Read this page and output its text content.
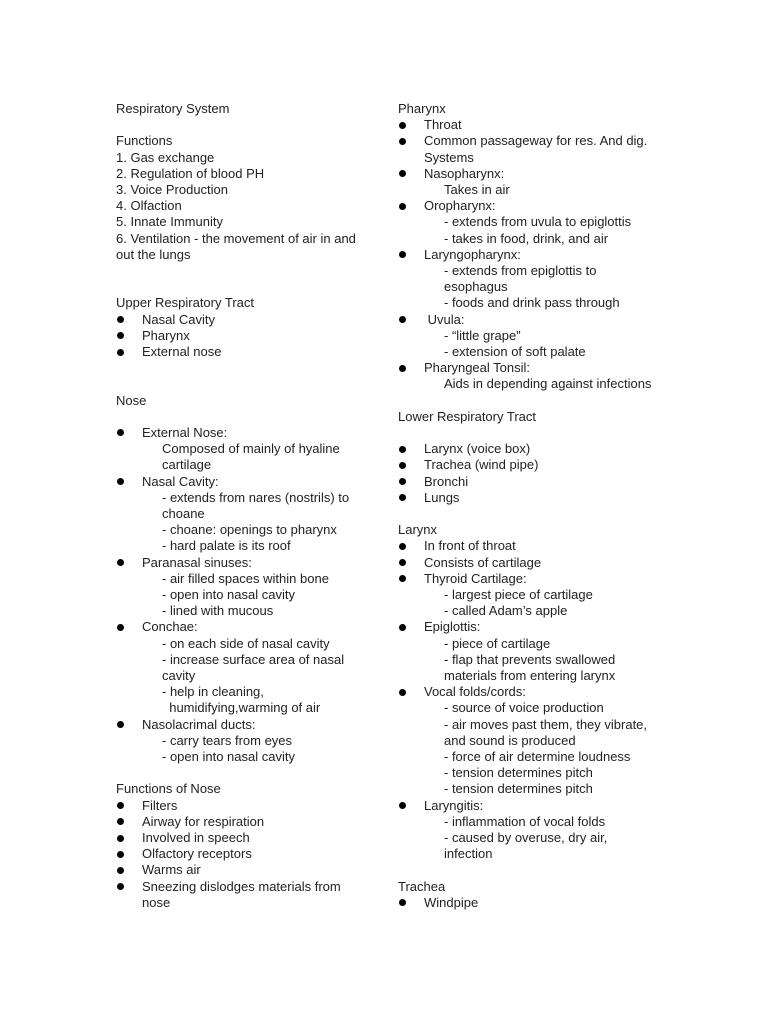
Respiratory System
Functions
1. Gas exchange
2. Regulation of blood PH
3. Voice Production
4. Olfaction
5. Innate Immunity
6. Ventilation - the movement of air in and
out the lungs
Upper Respiratory Tract
Nasal Cavity
Pharynx
External nose
Nose
External Nose:
Composed of mainly of hyaline
cartilage
Nasal Cavity:
- extends from nares (nostrils) to
choane
- choane: openings to pharynx
- hard palate is its roof
Paranasal sinuses:
- air filled spaces within bone
- open into nasal cavity
- lined with mucous
Conchae:
- on each side of nasal cavity
- increase surface area of nasal
cavity
- help in cleaning,
humidifying,warming of air
Nasolacrimal ducts:
- carry tears from eyes
- open into nasal cavity
Functions of Nose
Filters
Airway for respiration
Involved in speech
Olfactory receptors
Warms air
Sneezing dislodges materials from
nose
Pharynx
Throat
Common passageway for res. And dig.
Systems
Nasopharynx:
Takes in air
Oropharynx:
- extends from uvula to epiglottis
- takes in food, drink, and air
Laryngopharynx:
- extends from epiglottis to
esophagus
- foods and drink pass through
Uvula:
- “little grape”
- extension of soft palate
Pharyngeal Tonsil:
Aids in depending against infections
Lower Respiratory Tract
Larynx (voice box)
Trachea (wind pipe)
Bronchi
Lungs
Larynx
In front of throat
Consists of cartilage
Thyroid Cartilage:
- largest piece of cartilage
- called Adam’s apple
Epiglottis:
- piece of cartilage
- flap that prevents swallowed
materials from entering larynx
Vocal folds/cords:
- source of voice production
- air moves past them, they vibrate,
and sound is produced
- force of air determine loudness
- tension determines pitch
- tension determines pitch
Laryngitis:
- inflammation of vocal folds
- caused by overuse, dry air,
infection
Trachea
Windpipe
